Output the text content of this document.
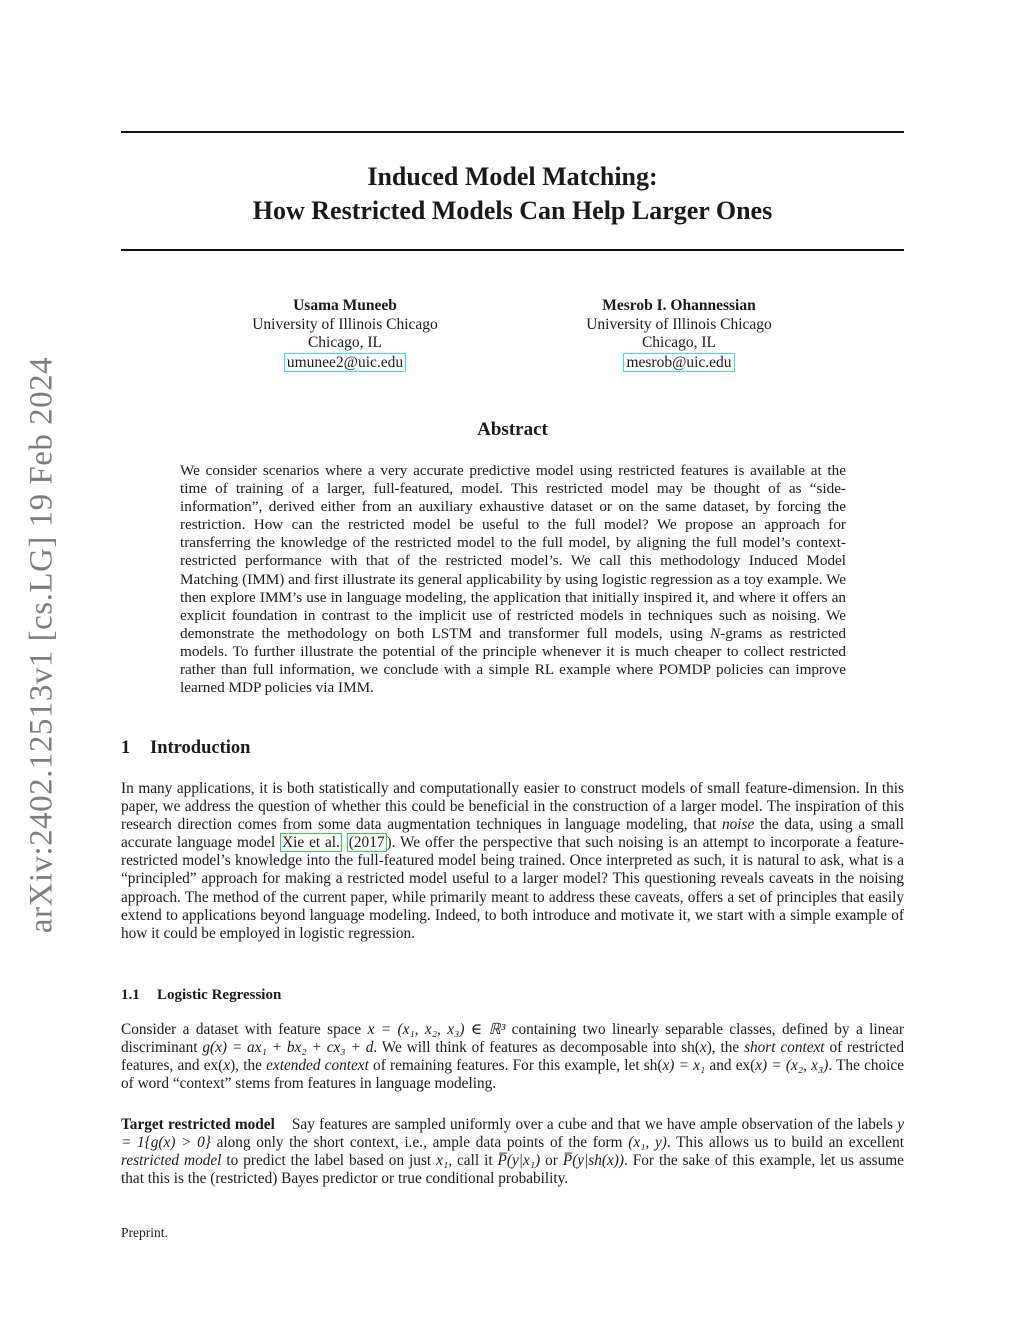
arXiv:2402.12513v1 [cs.LG] 19 Feb 2024
Induced Model Matching:
How Restricted Models Can Help Larger Ones
Usama Muneeb
University of Illinois Chicago
Chicago, IL
umunee2@uic.edu
Mesrob I. Ohannessian
University of Illinois Chicago
Chicago, IL
mesrob@uic.edu
Abstract
We consider scenarios where a very accurate predictive model using restricted features is available at the time of training of a larger, full-featured, model. This restricted model may be thought of as “side-information”, derived either from an auxiliary exhaustive dataset or on the same dataset, by forcing the restriction. How can the restricted model be useful to the full model? We propose an approach for transferring the knowledge of the restricted model to the full model, by aligning the full model’s context-restricted performance with that of the restricted model’s. We call this methodology Induced Model Matching (IMM) and first illustrate its general applicability by using logistic regression as a toy example. We then explore IMM’s use in language modeling, the application that initially inspired it, and where it offers an explicit foundation in contrast to the implicit use of restricted models in techniques such as noising. We demonstrate the methodology on both LSTM and transformer full models, using N-grams as restricted models. To further illustrate the potential of the principle whenever it is much cheaper to collect restricted rather than full information, we conclude with a simple RL example where POMDP policies can improve learned MDP policies via IMM.
1 Introduction
In many applications, it is both statistically and computationally easier to construct models of small feature-dimension. In this paper, we address the question of whether this could be beneficial in the construction of a larger model. The inspiration of this research direction comes from some data augmentation techniques in language modeling, that noise the data, using a small accurate language model Xie et al. (2017 ). We offer the perspective that such noising is an attempt to incorporate a feature-restricted model’s knowledge into the full-featured model being trained. Once interpreted as such, it is natural to ask, what is a “principled” approach for making a restricted model useful to a larger model? This questioning reveals caveats in the noising approach. The method of the current paper, while primarily meant to address these caveats, offers a set of principles that easily extend to applications beyond language modeling. Indeed, to both introduce and motivate it, we start with a simple example of how it could be employed in logistic regression.
1.1 Logistic Regression
Consider a dataset with feature space x = (x₁, x₂, x₃) ∈ ℝ³ containing two linearly separable classes, defined by a linear discriminant g(x) = ax₁ + bx₂ + cx₃ + d. We will think of features as decomposable into sh(x), the short context of restricted features, and ex(x), the extended context of remaining features. For this example, let sh(x) = x₁ and ex(x) = (x₂, x₃). The choice of word “context” stems from features in language modeling.
Target restricted model Say features are sampled uniformly over a cube and that we have ample observation of the labels y = 1{g(x) > 0} along only the short context, i.e., ample data points of the form (x₁, y). This allows us to build an excellent restricted model to predict the label based on just x₁, call it P̅(y|x₁) or P̅(y|sh(x)). For the sake of this example, let us assume that this is the (restricted) Bayes predictor or true conditional probability.
Preprint.
